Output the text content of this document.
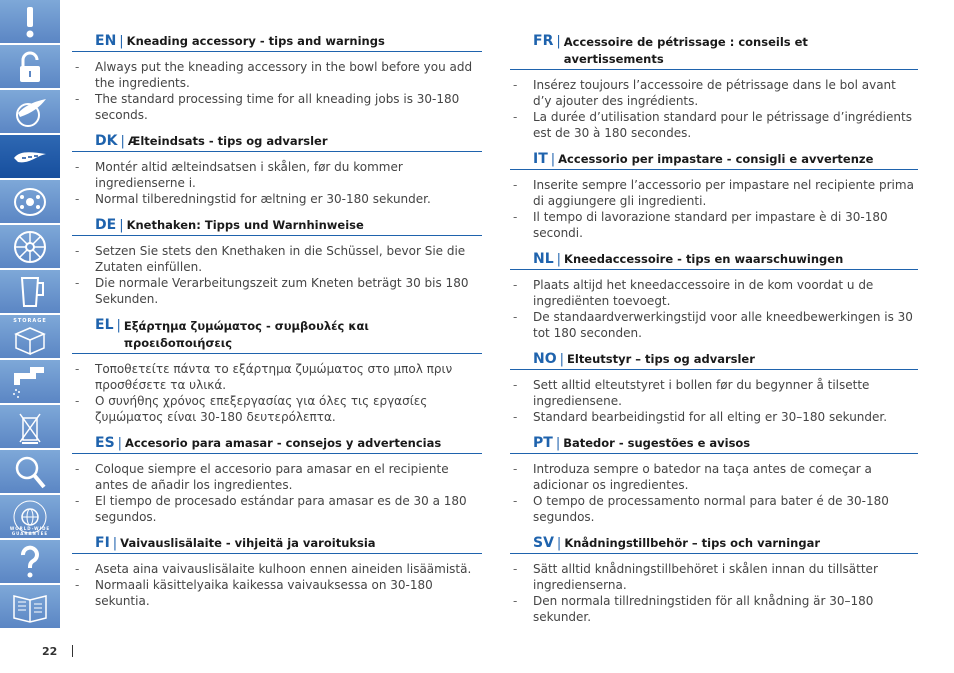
STORAGE
WORLD-WIDE GUARANTEE
22
EN | Kneading accessory - tips and warnings
- Always put the kneading accessory in the bowl before you add the ingredients.
- The standard processing time for all kneading jobs is 30-180 seconds.
DK | Æltеindsats - tips og advarsler
- Montér altid ælteindsatsen i skålen, før du kommer ingredienserne i.
- Normal tilberedningstid for æltning er 30-180 sekunder.
DE | Knethaken: Tipps und Warnhinweise
- Setzen Sie stets den Knethaken in die Schüssel, bevor Sie die Zutaten einfüllen.
- Die normale Verarbeitungszeit zum Kneten beträgt 30 bis 180 Sekunden.
EL | Εξάρτημα ζυμώματος - συμβουλές και προειδοποιήσεις
- Τοποθετείτε πάντα το εξάρτημα ζυμώματος στο μπολ πριν προσθέσετε τα υλικά.
- Ο συνήθης χρόνος επεξεργασίας για όλες τις εργασίες ζυμώματος είναι 30-180 δευτερόλεπτα.
ES | Accesorio para amasar - consejos y advertencias
- Coloque siempre el accesorio para amasar en el recipiente antes de añadir los ingredientes.
- El tiempo de procesado estándar para amasar es de 30 a 180 segundos.
FI | Vaivauslisälaite - vihjeitä ja varoituksia
- Aseta aina vaivauslisälaite kulhoon ennen aineiden lisäämistä.
- Normaali käsittelyaika kaikessa vaivauksessa on 30-180 sekuntia.
FR | Accessoire de pétrissage : conseils et avertissements
- Insérez toujours l’accessoire de pétrissage dans le bol avant d’y ajouter des ingrédients.
- La durée d’utilisation standard pour le pétrissage d’ingrédients est de 30 à 180 secondes.
IT | Accessorio per impastare - consigli e avvertenze
- Inserite sempre l’accessorio per impastare nel recipiente prima di aggiungere gli ingredienti.
- Il tempo di lavorazione standard per impastare è di 30-180 secondi.
NL | Kneedaccessoire - tips en waarschuwingen
- Plaats altijd het kneedaccessoire in de kom voordat u de ingrediënten toevoegt.
- De standaardverwerkingstijd voor alle kneedbewerkingen is 30 tot 180 seconden.
NO | Elteutstyr – tips og advarsler
- Sett alltid elteutstyret i bollen før du begynner å tilsette ingrediensene.
- Standard bearbeidingstid for all elting er 30–180 sekunder.
PT | Batedor - sugestões e avisos
- Introduza sempre o batedor na taça antes de começar a adicionar os ingredientes.
- O tempo de processamento normal para bater é de 30-180 segundos.
SV | Knådningstillbehör – tips och varningar
- Sätt alltid knådningstillbehöret i skålen innan du tillsätter ingredienserna.
- Den normala tillredningstiden för all knådning är 30–180 sekunder.
